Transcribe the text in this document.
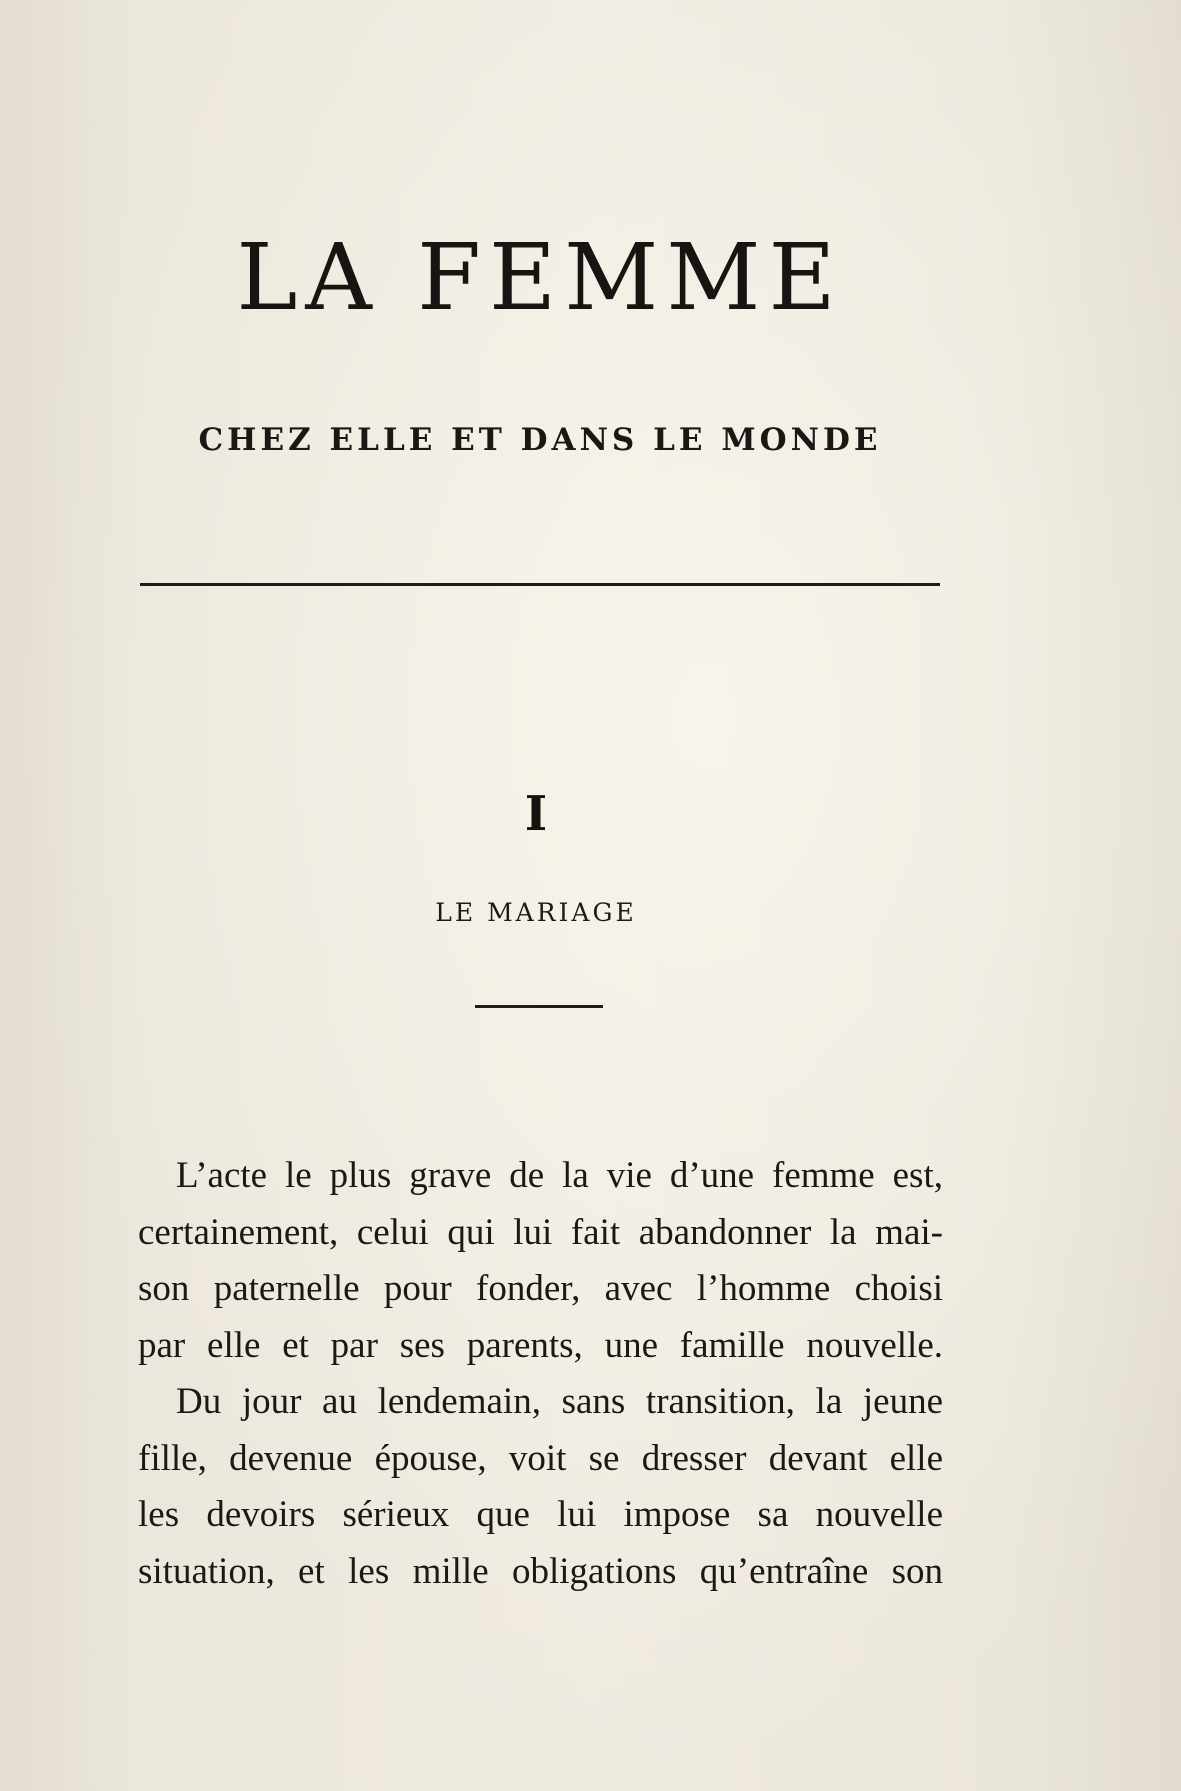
LA FEMME
CHEZ ELLE ET DANS LE MONDE
I
LE MARIAGE
L’acte le plus grave de la vie d’une femme est,
certainement, celui qui lui fait abandonner la mai-
son paternelle pour fonder, avec l’homme choisi
par elle et par ses parents, une famille nouvelle.
Du jour au lendemain, sans transition, la jeune
fille, devenue épouse, voit se dresser devant elle
les devoirs sérieux que lui impose sa nouvelle
situation, et les mille obligations qu’entraîne son
